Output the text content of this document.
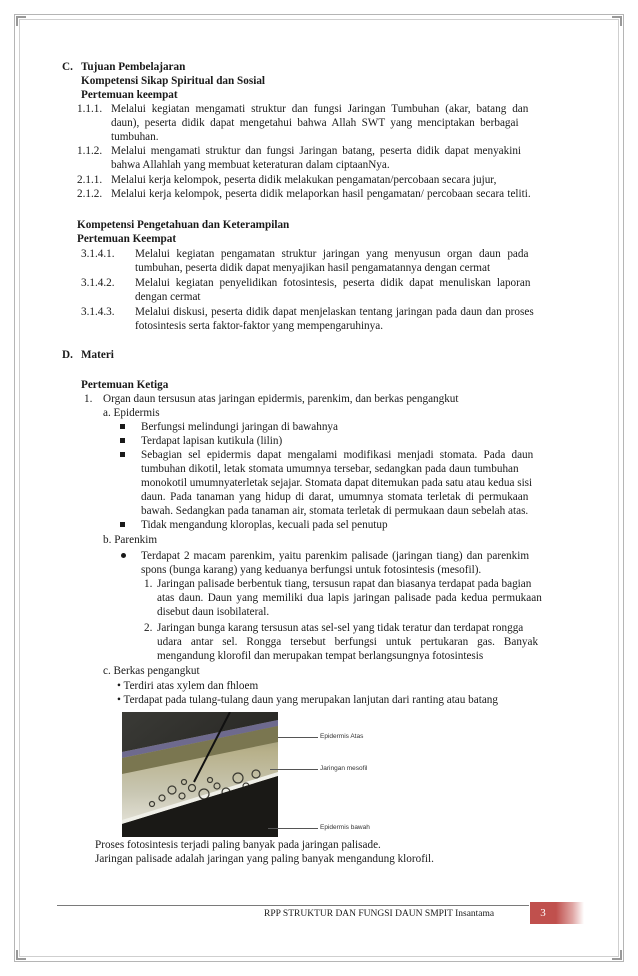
C. Tujuan Pembelajaran
Kompetensi Sikap Spiritual dan Sosial
Pertemuan keempat
1.1.1. Melalui kegiatan mengamati struktur dan fungsi Jaringan Tumbuhan (akar, batang dan
daun), peserta didik dapat mengetahui bahwa Allah SWT yang menciptakan berbagai
tumbuhan.
1.1.2. Melalui mengamati struktur dan fungsi Jaringan batang, peserta didik dapat menyakini
bahwa Allahlah yang membuat keteraturan dalam ciptaanNya.
2.1.1. Melalui kerja kelompok, peserta didik melakukan pengamatan/percobaan secara jujur,
2.1.2. Melalui kerja kelompok, peserta didik melaporkan hasil pengamatan/ percobaan secara teliti.
Kompetensi Pengetahuan dan Keterampilan
Pertemuan Keempat
3.1.4.1. Melalui kegiatan pengamatan struktur jaringan yang menyusun organ daun pada
tumbuhan, peserta didik dapat menyajikan hasil pengamatannya dengan cermat
3.1.4.2. Melalui kegiatan penyelidikan fotosintesis, peserta didik dapat menuliskan laporan
dengan cermat
3.1.4.3. Melalui diskusi, peserta didik dapat menjelaskan tentang jaringan pada daun dan proses
fotosintesis serta faktor-faktor yang mempengaruhinya.
D. Materi
Pertemuan Ketiga
1. Organ daun tersusun atas jaringan epidermis, parenkim, dan berkas pengangkut
a. Epidermis
Berfungsi melindungi jaringan di bawahnya
Terdapat lapisan kutikula (lilin)
Sebagian sel epidermis dapat mengalami modifikasi menjadi stomata. Pada daun
tumbuhan dikotil, letak stomata umumnya tersebar, sedangkan pada daun tumbuhan
monokotil umumnyaterletak sejajar. Stomata dapat ditemukan pada satu atau kedua sisi
daun. Pada tanaman yang hidup di darat, umumnya stomata terletak di permukaan
bawah. Sedangkan pada tanaman air, stomata terletak di permukaan daun sebelah atas.
Tidak mengandung kloroplas, kecuali pada sel penutup
b. Parenkim
Terdapat 2 macam parenkim, yaitu parenkim palisade (jaringan tiang) dan parenkim
spons (bunga karang) yang keduanya berfungsi untuk fotosintesis (mesofil).
1. Jaringan palisade berbentuk tiang, tersusun rapat dan biasanya terdapat pada bagian
atas daun. Daun yang memiliki dua lapis jaringan palisade pada kedua permukaan
disebut daun isobilateral.
2. Jaringan bunga karang tersusun atas sel-sel yang tidak teratur dan terdapat rongga
udara antar sel. Rongga tersebut berfungsi untuk pertukaran gas. Banyak
mengandung klorofil dan merupakan tempat berlangsungnya fotosintesis
c. Berkas pengangkut
• Terdiri atas xylem dan fhloem
• Terdapat pada tulang-tulang daun yang merupakan lanjutan dari ranting atau batang
Epidermis Atas
Jaringan mesofil
Epidermis bawah
Proses fotosintesis terjadi paling banyak pada jaringan palisade.
Jaringan palisade adalah jaringan yang paling banyak mengandung klorofil.
RPP STRUKTUR DAN FUNGSI DAUN SMPIT Insantama	3
